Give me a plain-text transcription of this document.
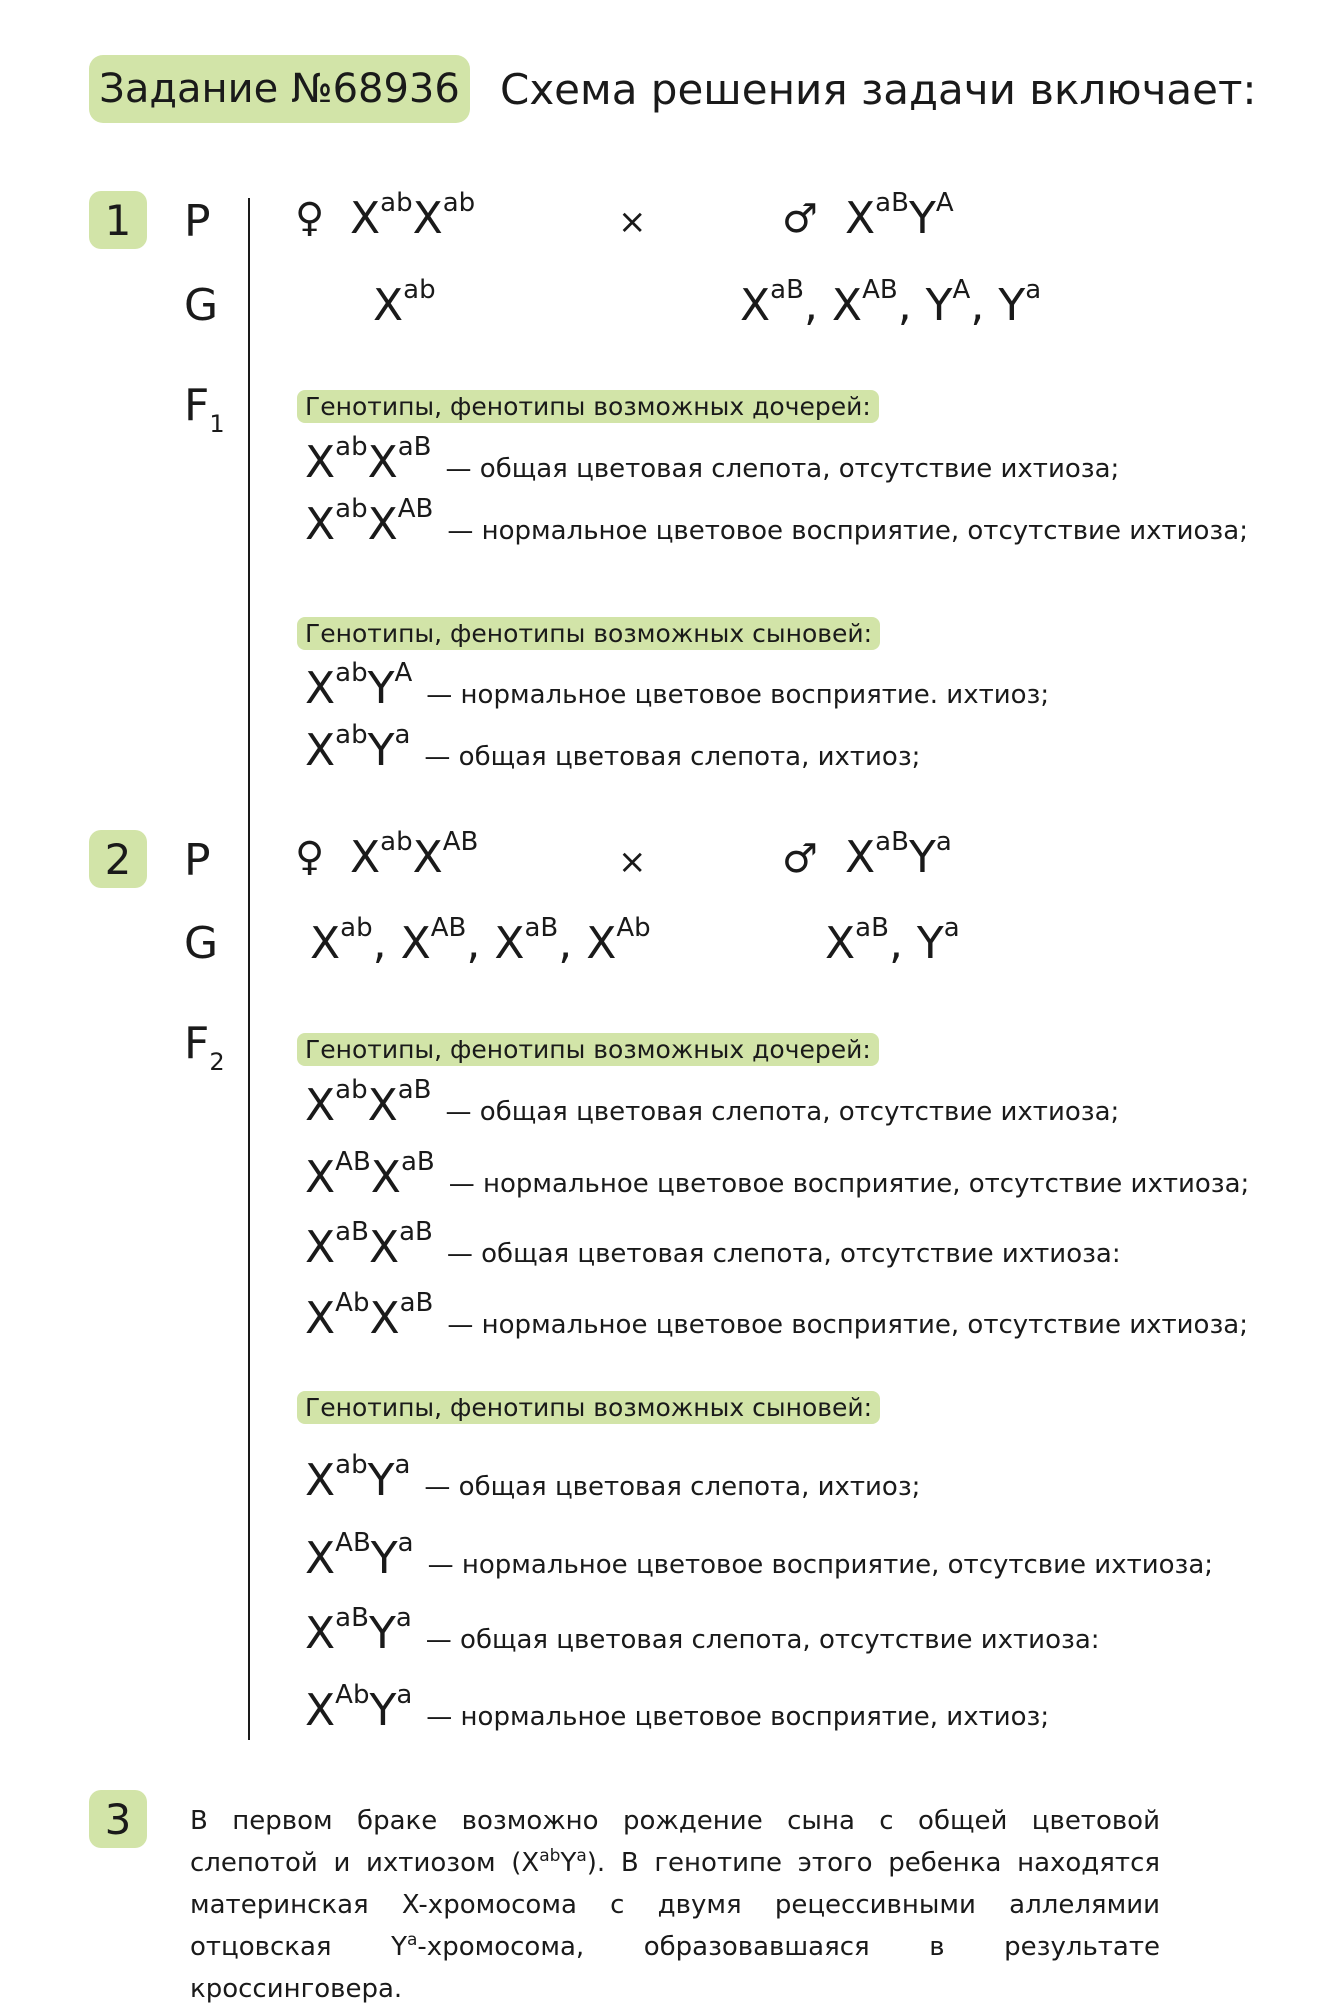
Задание №68936 Схема решения задачи включает:
1
2
3
P
G
$F_1$
♀ $X^{ab}X^{ab}$	×	♂ $X^{aB}Y^A$
$X^{ab}$	$X^{aB}$, $X^{AB}$, $Y^A$, $Y^a$
Генотипы, фенотипы возможных дочерей:
$X^{ab}X^{aB}$
— общая цветовая слепота, отсутствие ихтиоза;
$X^{ab}X^{AB}$
— нормальное цветовое восприятие, отсутствие ихтиоза;
Генотипы, фенотипы возможных сыновей:
$X^{ab}Y^A$
— нормальное цветовое восприятие. ихтиоз;
$X^{ab}Y^a$
— общая цветовая слепота, ихтиоз;
P
G
$F_2$
♀ $X^{ab}X^{AB}$
×	♂ $X^{aB}Y^a$
$X^{ab}$, $X^{AB}$, $X^{aB}$, $X^{Ab}$	$X^{aB}$, $Y^a$
Генотипы, фенотипы возможных дочерей:
$X^{ab}X^{aB}$
— общая цветовая слепота, отсутствие ихтиоза;
$X^{AB}X^{aB}$
— нормальное цветовое восприятие, отсутствие ихтиоза;
$X^{aB}X^{aB}$
— общая цветовая слепота, отсутствие ихтиоза:
$X^{Ab}X^{aB}$
— нормальное цветовое восприятие, отсутствие ихтиоза;
Генотипы, фенотипы возможных сыновей:
$X^{ab}Y^a$
— общая цветовая слепота, ихтиоз;
$X^{AB}Y^a$
— нормальное цветовое восприятие, отсутсвие ихтиоза;
$X^{aB}Y^a$
— общая цветовая слепота, отсутствие ихтиоза:
$X^{Ab}Y^a$
— нормальное цветовое восприятие, ихтиоз;
В первом браке возможно рождение сына с общей цветовой слепотой и ихтиозом $(X^{ab}Y^a)$. В генотипе этого ребенка находятся материнская X-хромосома с двумя рецессивными аллелямии отцовская $Y^a$-хромосома, образовавшаяся в результате кроссинговера.
